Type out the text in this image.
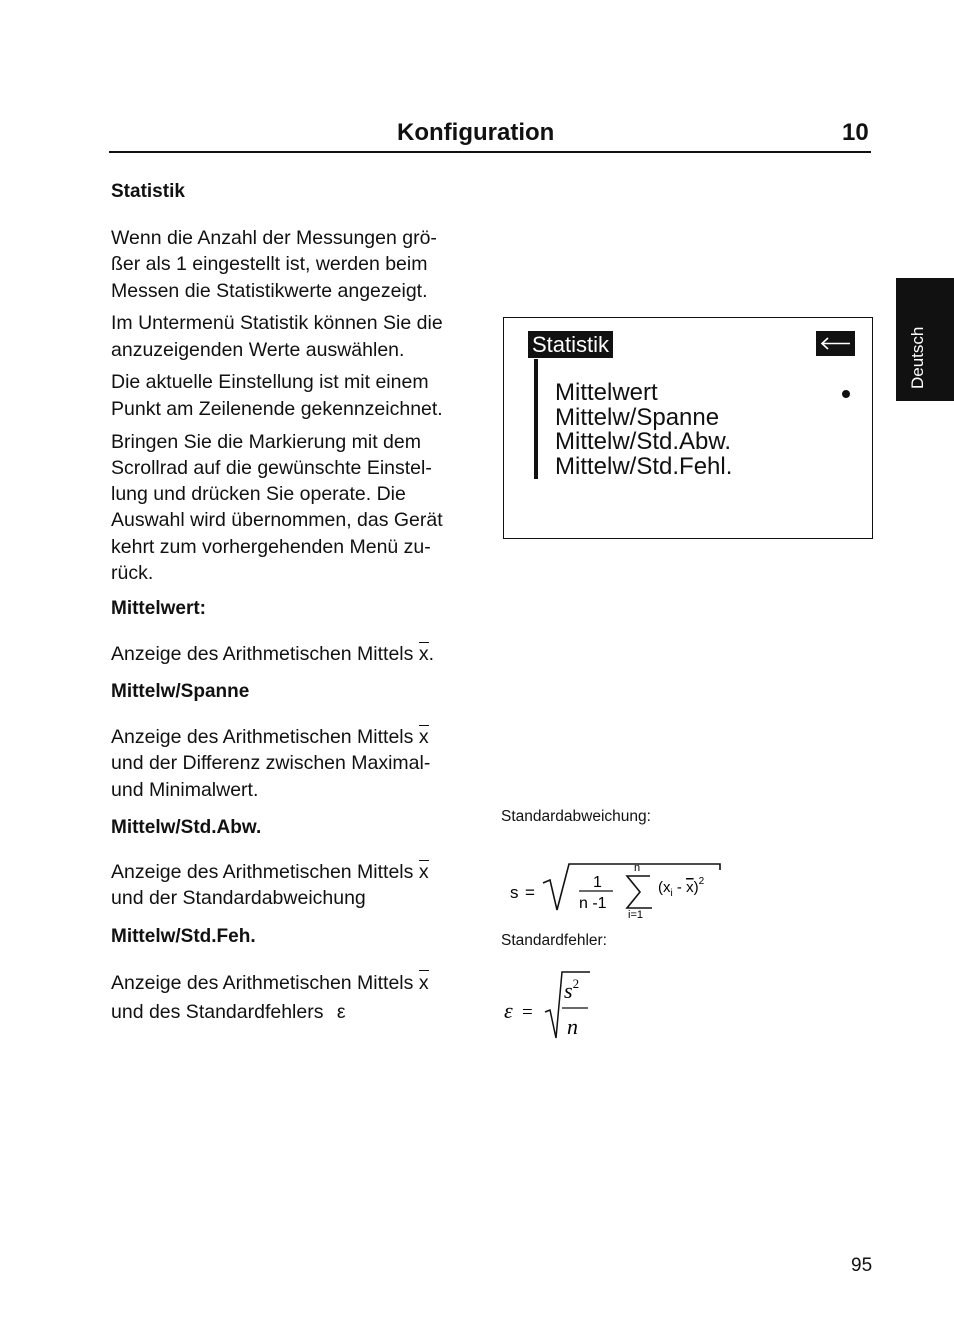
Konfiguration	10
Deutsch
Statistik

Wenn die Anzahl der Messungen grö-
ßer als 1 eingestellt ist, werden beim
Messen die Statistikwerte angezeigt.

Im Untermenü Statistik können Sie die
anzuzeigenden Werte auswählen.

Die aktuelle Einstellung ist mit einem
Punkt am Zeilenende gekennzeichnet.

Bringen Sie die Markierung mit dem
Scrollrad auf die gewünschte Einstel-
lung und drücken Sie operate. Die
Auswahl wird übernommen, das Gerät
kehrt zum vorhergehenden Menü zu-
rück.

Mittelwert:
Anzeige des Arithmetischen Mittels x.
Mittelw/Spanne
Anzeige des Arithmetischen Mittels x
und der Differenz zwischen Maximal-
und Minimalwert.
Mittelw/Std.Abw.
Anzeige des Arithmetischen Mittels x
und der Standardabweichung
Mittelw/Std.Feh.
Anzeige des Arithmetischen Mittels x
und des Standardfehlers ε
Statistik
Mittelwert
Mittelw/Spanne
Mittelw/Std.Abw.
Mittelw/Std.Fehl.
Standardabweichung:
s =
1
n -1
n
i=1
$(x_i - x)^2$
Standardfehler:
ε =
$s^2$
n
95
